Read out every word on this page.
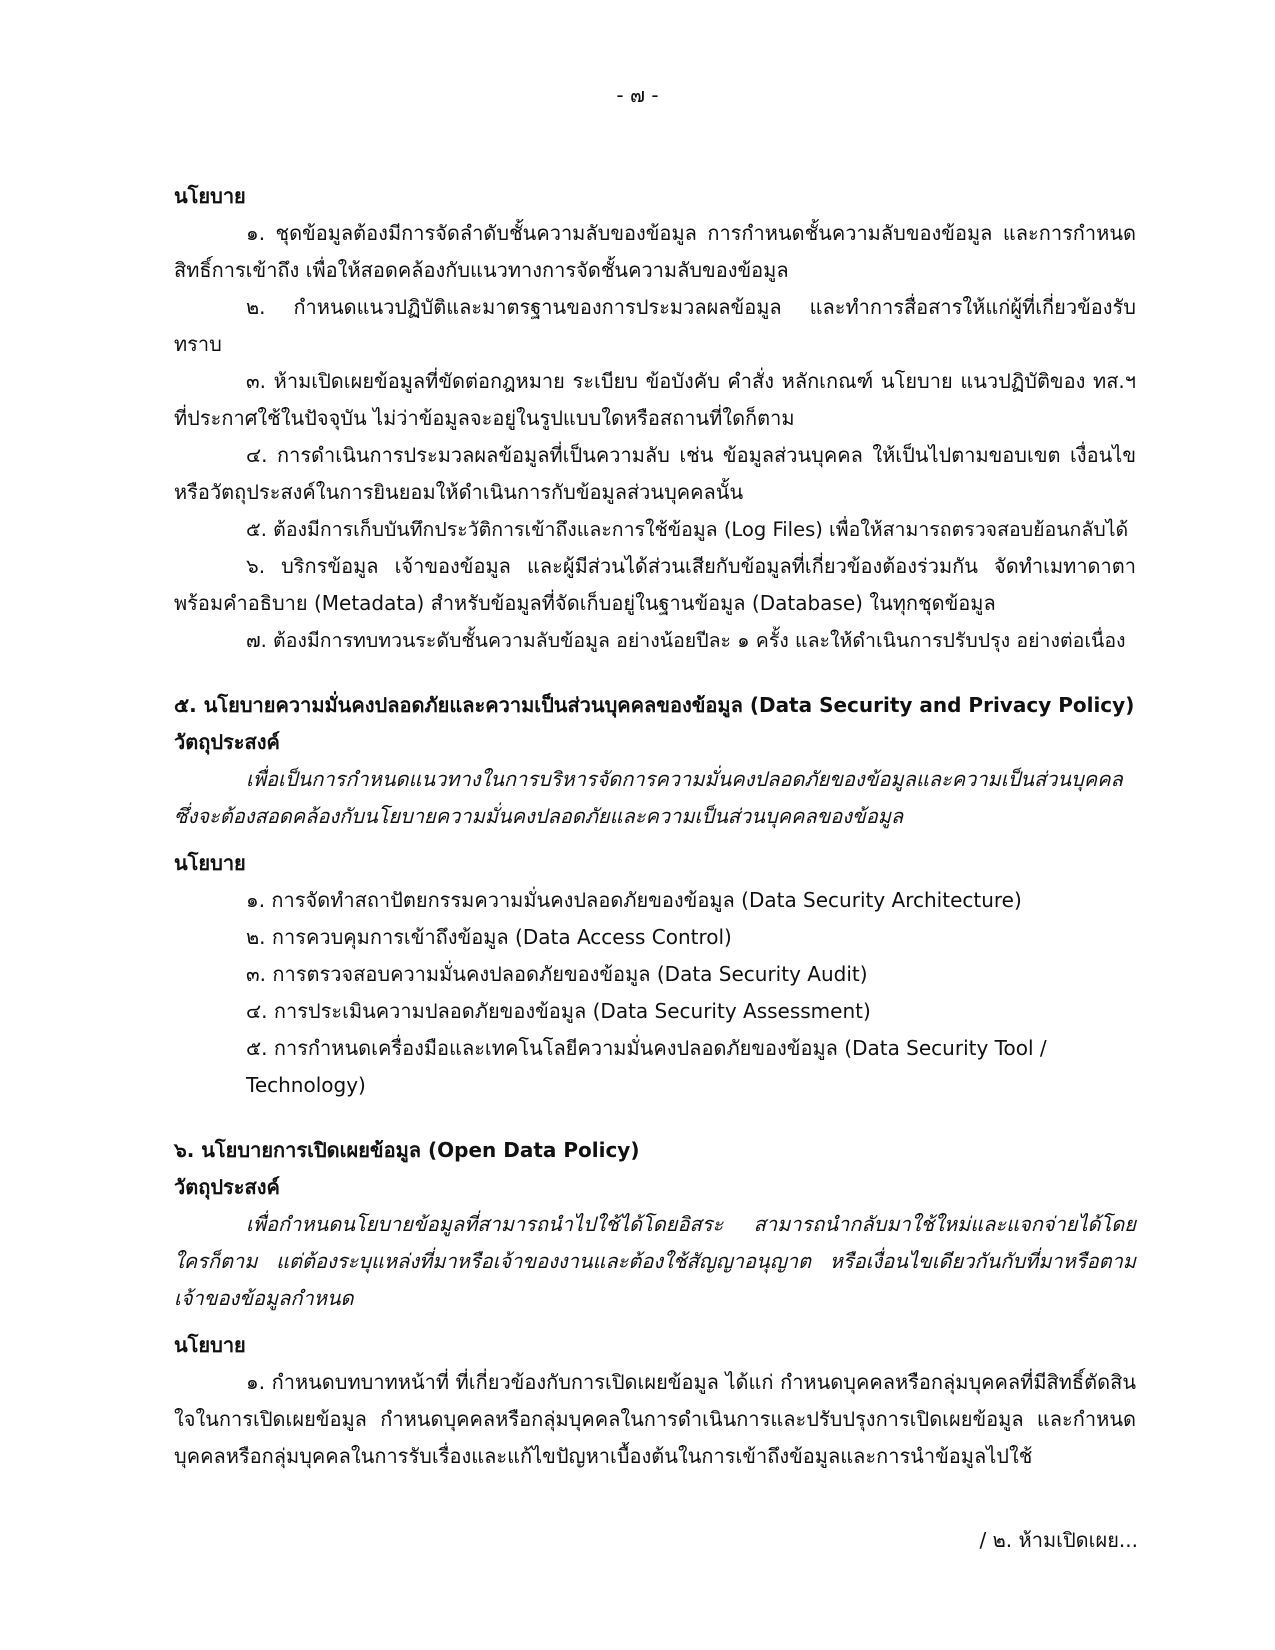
- ๗ -

นโยบาย

๑. ชุดข้อมูลต้องมีการจัดลำดับชั้นความลับของข้อมูล การกำหนดชั้นความลับของข้อมูล และการกำหนดสิทธิ์การเข้าถึง เพื่อให้สอดคล้องกับแนวทางการจัดชั้นความลับของข้อมูล

๒. กำหนดแนวปฏิบัติและมาตรฐานของการประมวลผลข้อมูล และทำการสื่อสารให้แก่ผู้ที่เกี่ยวข้องรับทราบ

๓. ห้ามเปิดเผยข้อมูลที่ขัดต่อกฎหมาย ระเบียบ ข้อบังคับ คำสั่ง หลักเกณฑ์ นโยบาย แนวปฏิบัติของ ทส.ฯ ที่ประกาศใช้ในปัจจุบัน ไม่ว่าข้อมูลจะอยู่ในรูปแบบใดหรือสถานที่ใดก็ตาม

๔. การดำเนินการประมวลผลข้อมูลที่เป็นความลับ เช่น ข้อมูลส่วนบุคคล ให้เป็นไปตามขอบเขต เงื่อนไขหรือวัตถุประสงค์ในการยินยอมให้ดำเนินการกับข้อมูลส่วนบุคคลนั้น

๕. ต้องมีการเก็บบันทึกประวัติการเข้าถึงและการใช้ข้อมูล (Log Files) เพื่อให้สามารถตรวจสอบย้อนกลับได้

๖. บริกรข้อมูล เจ้าของข้อมูล และผู้มีส่วนได้ส่วนเสียกับข้อมูลที่เกี่ยวข้องต้องร่วมกัน จัดทำเมทาดาตาพร้อมคำอธิบาย (Metadata) สำหรับข้อมูลที่จัดเก็บอยู่ในฐานข้อมูล (Database) ในทุกชุดข้อมูล

๗. ต้องมีการทบทวนระดับชั้นความลับข้อมูล อย่างน้อยปีละ ๑ ครั้ง และให้ดำเนินการปรับปรุง อย่างต่อเนื่อง

๕. นโยบายความมั่นคงปลอดภัยและความเป็นส่วนบุคคลของข้อมูล (Data Security and Privacy Policy)

วัตถุประสงค์

เพื่อเป็นการกำหนดแนวทางในการบริหารจัดการความมั่นคงปลอดภัยของข้อมูลและความเป็นส่วนบุคคลซึ่งจะต้องสอดคล้องกับนโยบายความมั่นคงปลอดภัยและความเป็นส่วนบุคคลของข้อมูล

นโยบาย

๑. การจัดทำสถาปัตยกรรมความมั่นคงปลอดภัยของข้อมูล (Data Security Architecture)

๒. การควบคุมการเข้าถึงข้อมูล (Data Access Control)

๓. การตรวจสอบความมั่นคงปลอดภัยของข้อมูล (Data Security Audit)

๔. การประเมินความปลอดภัยของข้อมูล (Data Security Assessment)

๕. การกำหนดเครื่องมือและเทคโนโลยีความมั่นคงปลอดภัยของข้อมูล (Data Security Tool / Technology)

๖. นโยบายการเปิดเผยข้อมูล (Open Data Policy)

วัตถุประสงค์

เพื่อกำหนดนโยบายข้อมูลที่สามารถนำไปใช้ได้โดยอิสระ สามารถนำกลับมาใช้ใหม่และแจกจ่ายได้โดยใครก็ตาม แต่ต้องระบุแหล่งที่มาหรือเจ้าของงานและต้องใช้สัญญาอนุญาต หรือเงื่อนไขเดียวกันกับที่มาหรือตามเจ้าของข้อมูลกำหนด

นโยบาย

๑. กำหนดบทบาทหน้าที่ ที่เกี่ยวข้องกับการเปิดเผยข้อมูล ได้แก่ กำหนดบุคคลหรือกลุ่มบุคคลที่มีสิทธิ์ตัดสินใจในการเปิดเผยข้อมูล กำหนดบุคคลหรือกลุ่มบุคคลในการดำเนินการและปรับปรุงการเปิดเผยข้อมูล และกำหนดบุคคลหรือกลุ่มบุคคลในการรับเรื่องและแก้ไขปัญหาเบื้องต้นในการเข้าถึงข้อมูลและการนำข้อมูลไปใช้

/ ๒. ห้ามเปิดเผย...
